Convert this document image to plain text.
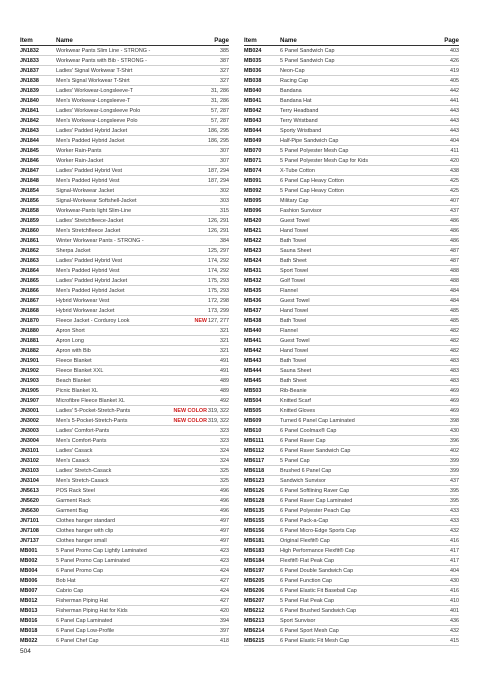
Item	Name	Page
JN1832	Workwear Pants Slim Line - STRONG -	385
JN1833	Workwear Pants with Bib - STRONG -	387
JN1837	Ladies' Signal Workwear T-Shirt	327
JN1838	Men's Signal Workwear T-Shirt	327
JN1839	Ladies' Workwear-Longsleeve-T	31, 286
JN1840	Men's Workwear-Longsleeve-T	31, 286
JN1841	Ladies' Workwear-Longsleeve Polo	57, 287
JN1842	Men's Workwear-Longsleeve Polo	57, 287
JN1843	Ladies' Padded Hybrid Jacket	186, 295
JN1844	Men's Padded Hybrid Jacket	186, 295
JN1845	Worker Rain-Pants	307
JN1846	Worker Rain-Jacket	307
JN1847	Ladies' Padded Hybrid Vest	187, 294
JN1848	Men's Padded Hybrid Vest	187, 294
JN1854	Signal-Workwear Jacket	302
JN1856	Signal-Workwear Softshell-Jacket	303
JN1858	Workwear-Pants light Slim-Line	315
JN1859	Ladies' Stretchfleece-Jacket	126, 291
JN1860	Men's Stretchfleece Jacket	126, 291
JN1861	Winter Workwear Pants - STRONG -	384
JN1862	Sherpa Jacket	125, 297
JN1863	Ladies' Padded Hybrid Vest	174, 292
JN1864	Men's Padded Hybrid Vest	174, 292
JN1865	Ladies' Padded Hybrid Jacket	175, 293
JN1866	Men's Padded Hybrid Jacket	175, 293
JN1867	Hybrid Workwear Vest	172, 298
JN1868	Hybrid Workwear Jacket	173, 299
JN1870	Fleece Jacket - Corduroy Look	NEW127, 277
JN1880	Apron Short	321
JN1881	Apron Long	321
JN1882	Apron with Bib	321
JN1901	Fleece Blanket	491
JN1902	Fleece Blanket XXL	491
JN1903	Beach Blanket	489
JN1905	Picnic Blanket XL	489
JN1907	Microfibre Fleece Blanket XL	492
JN3001	Ladies' 5-Pocket-Stretch-Pants	NEW COLOR319, 322
JN3002	Men's 5-Pocket-Stretch-Pants	NEW COLOR319, 322
JN3003	Ladies' Comfort-Pants	323
JN3004	Men's Comfort-Pants	323
JN3101	Ladies' Casack	324
JN3102	Men's Casack	324
JN3103	Ladies' Stretch-Casack	325
JN3104	Men's Stretch-Casack	325
JN5613	POS Rack Steel	496
JN5620	Garment Rack	496
JN5630	Garment Bag	496
JN7101	Clothes hanger standard	497
JN7108	Clothes hanger with clip	497
JN7137	Clothes hanger small	497
MB001	5 Panel Promo Cap Lightly Laminated	423
MB002	5 Panel Promo Cap Laminated	423
MB004	6 Panel Promo Cap	424
MB006	Bob Hat	427
MB007	Cabrio Cap	424
MB012	Fisherman Piping Hat	427
MB013	Fisherman Piping Hat for Kids	420
MB016	6 Panel Cap Laminated	394
MB018	6 Panel Cap Low-Profile	397
MB022	6 Panel Chef Cap	418
Item	Name	Page
MB024	6 Panel Sandwich Cap	403
MB035	5 Panel Sandwich Cap	426
MB036	Neon-Cap	419
MB038	Racing Cap	405
MB040	Bandana	442
MB041	Bandana Hat	441
MB042	Terry Headband	443
MB043	Terry Wristband	443
MB044	Sporty Wristband	443
MB049	Half-Pipe Sandwich Cap	404
MB070	5 Panel Polyester Mesh Cap	411
MB071	5 Panel Polyester Mesh Cap for Kids	420
MB074	X-Tube Cotton	438
MB091	6 Panel Cap Heavy Cotton	425
MB092	5 Panel Cap Heavy Cotton	425
MB095	Military Cap	407
MB096	Fashion Sunvisor	437
MB420	Guest Towel	486
MB421	Hand Towel	486
MB422	Bath Towel	486
MB423	Sauna Sheet	487
MB424	Bath Sheet	487
MB431	Sport Towel	488
MB432	Golf Towel	488
MB435	Flannel	484
MB436	Guest Towel	484
MB437	Hand Towel	485
MB438	Bath Towel	485
MB440	Flannel	482
MB441	Guest Towel	482
MB442	Hand Towel	482
MB443	Bath Towel	483
MB444	Sauna Sheet	483
MB445	Bath Sheet	483
MB503	Rib-Beanie	469
MB504	Knitted Scarf	469
MB505	Knitted Gloves	469
MB609	Turned 6 Panel Cap Laminated	398
MB610	6 Panel Coolmax® Cap	430
MB6111	6 Panel Raver Cap	396
MB6112	6 Panel Raver Sandwich Cap	402
MB6117	5 Panel Cap	399
MB6118	Brushed 6 Panel Cap	399
MB6123	Sandwich Sunvisor	437
MB6126	6 Panel Softlining Raver Cap	395
MB6128	6 Panel Raver Cap Laminated	395
MB6135	6 Panel Polyester Peach Cap	433
MB6155	6 Panel Pack-a-Cap	433
MB6156	6 Panel Micro-Edge Sports Cap	432
MB6181	Original Flexfit® Cap	416
MB6183	High Performance Flexfit® Cap	417
MB6184	Flexfit® Flat Peak Cap	417
MB6197	6 Panel Double Sandwich Cap	404
MB6205	6 Panel Function Cap	430
MB6206	6 Panel Elastic Fit Baseball Cap	416
MB6207	5 Panel Flat Peak Cap	410
MB6212	6 Panel Brushed Sandwich Cap	401
MB6213	Sport Sunvisor	436
MB6214	6 Panel Sport Mesh Cap	432
MB6215	6 Panel Elastic Fit Mesh Cap	415
504
